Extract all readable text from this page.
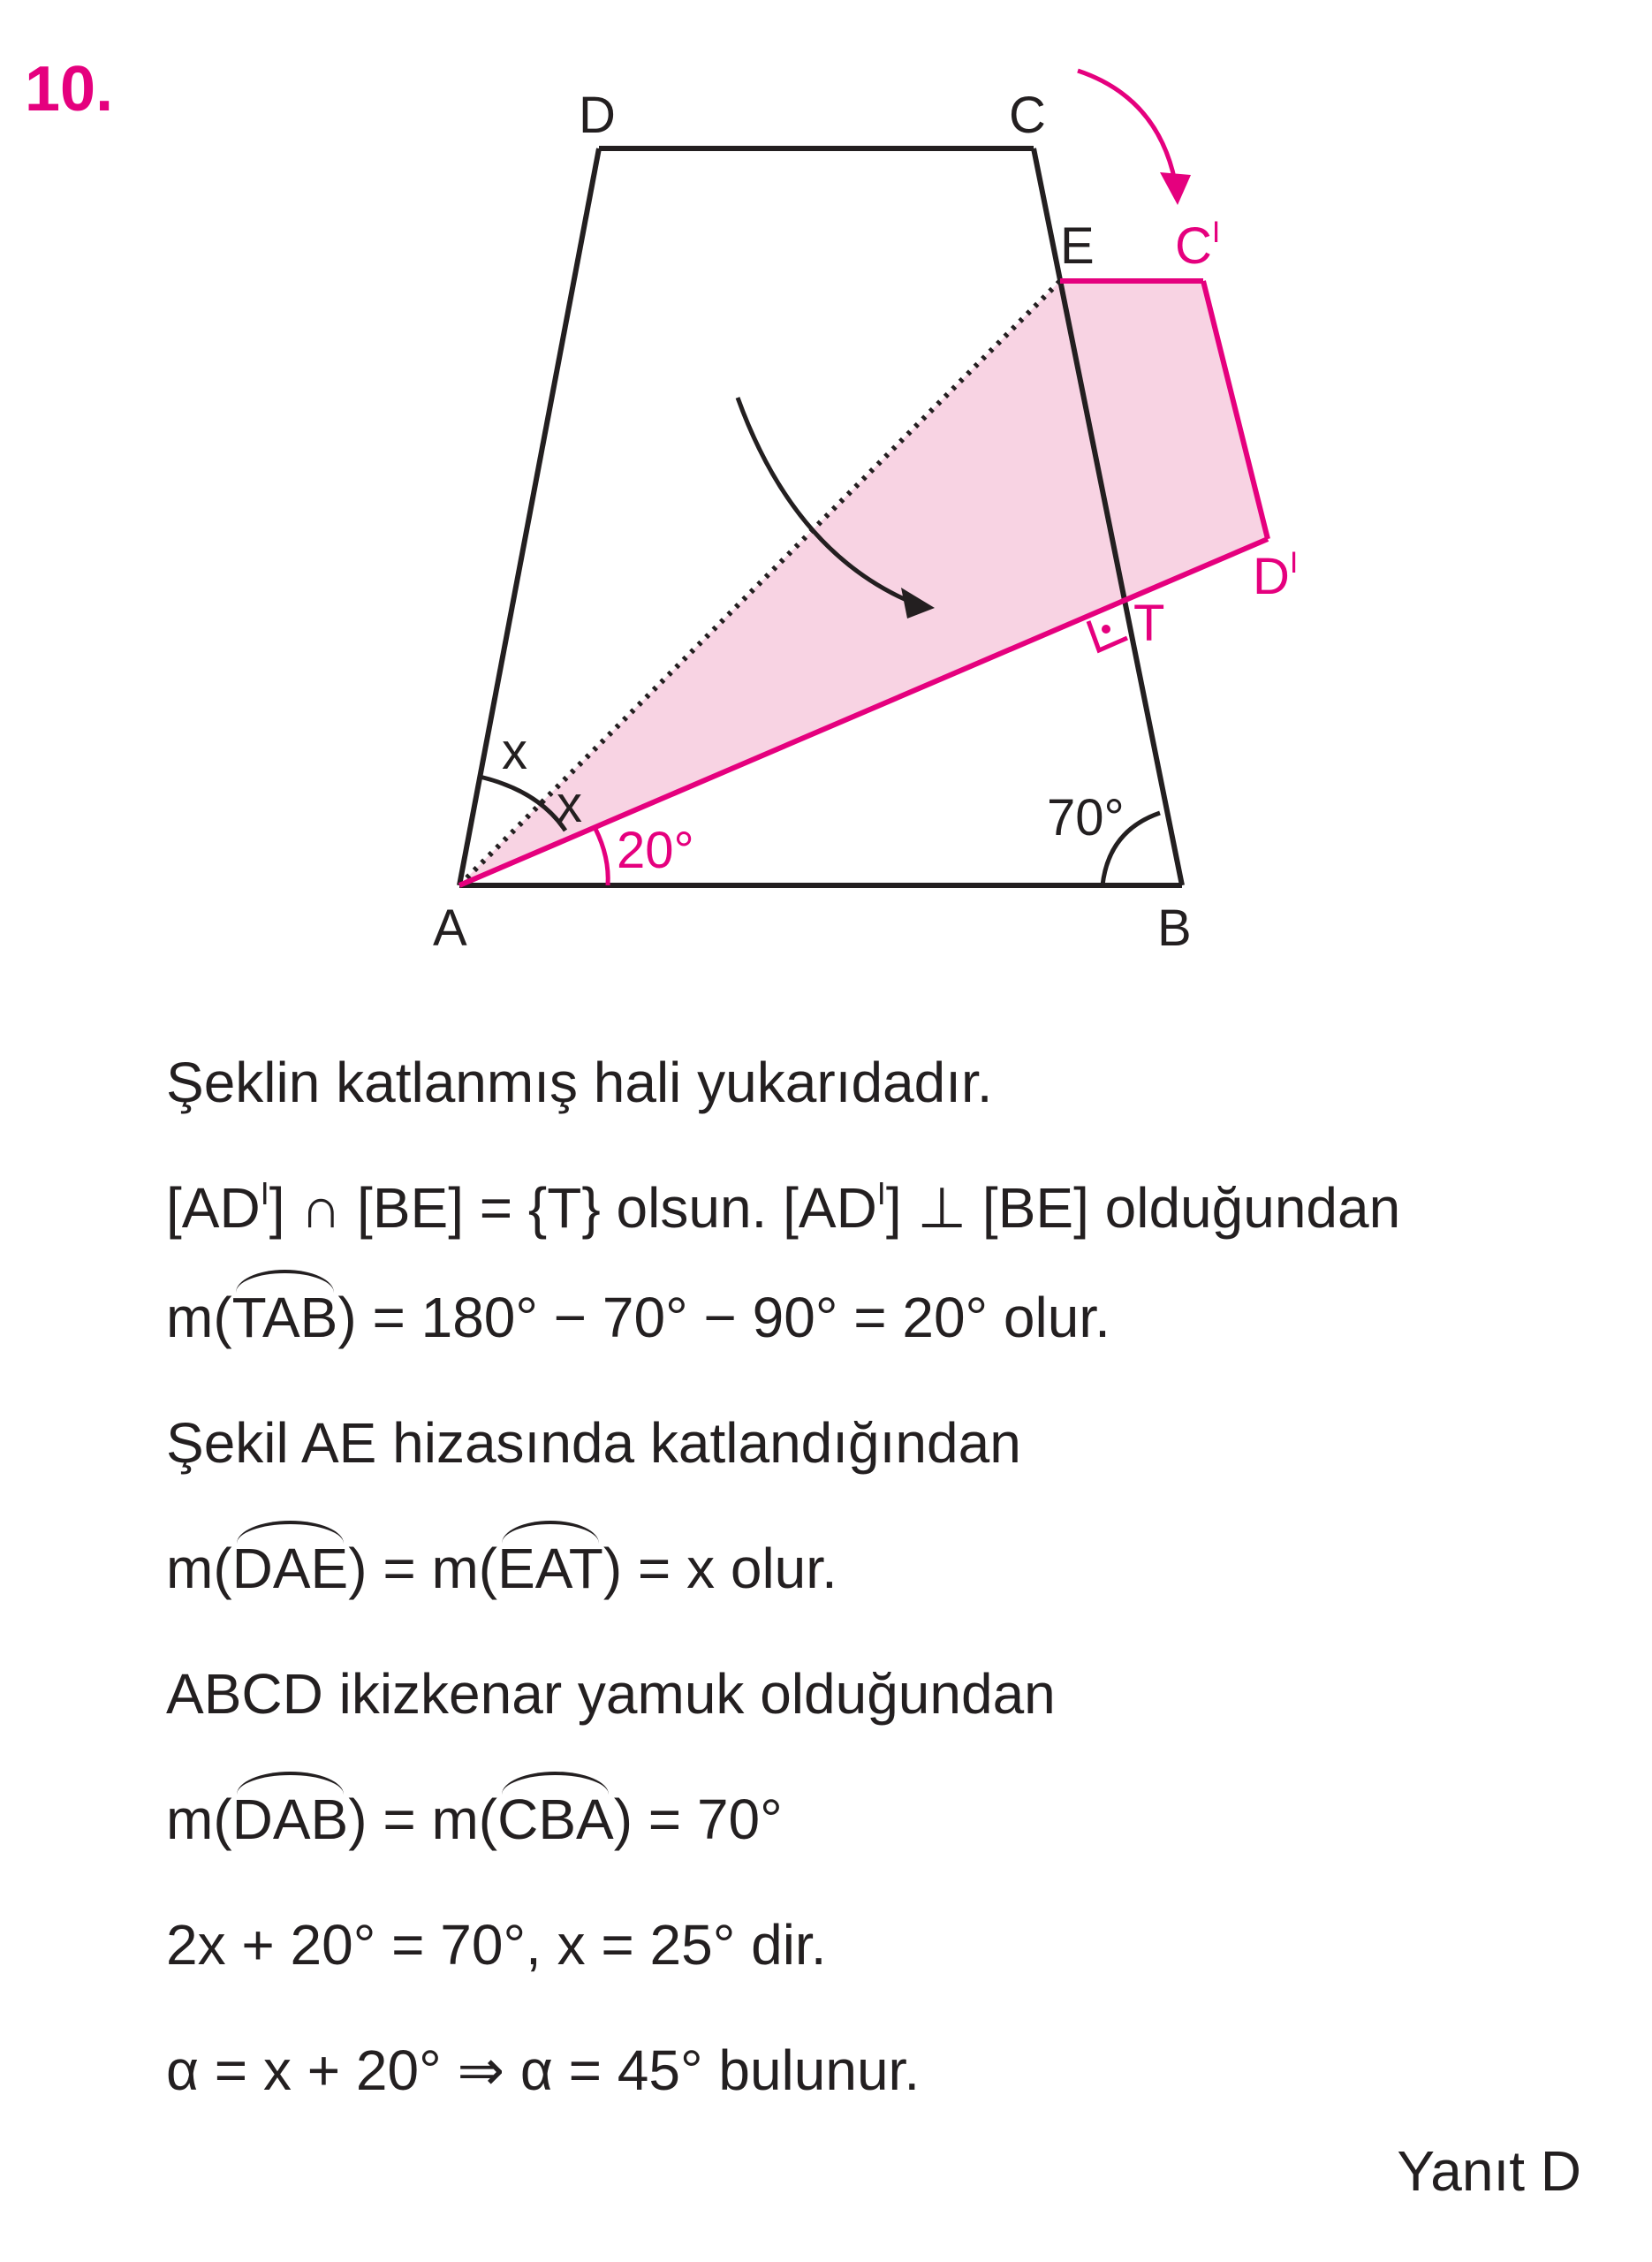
10.	D	C
E $C^I$
$D^I$
T
A	B
x
x
20°
70°
Şeklin katlanmış hali yukarıdadır.
$[AD^I]$ ∩ [BE] = {T} olsun. $[AD^I]$ ⊥ [BE] olduğundan
m(TAB) = 180° − 70° − 90° = 20° olur.
Şekil AE hizasında katlandığından
m(DAE) = m(EAT) = x olur.
ABCD ikizkenar yamuk olduğundan
m(DAB) = m(CBA) = 70°
2x + 20° = 70°, x = 25° dir.
α = x + 20° ⇒ α = 45° bulunur.
Yanıt D
